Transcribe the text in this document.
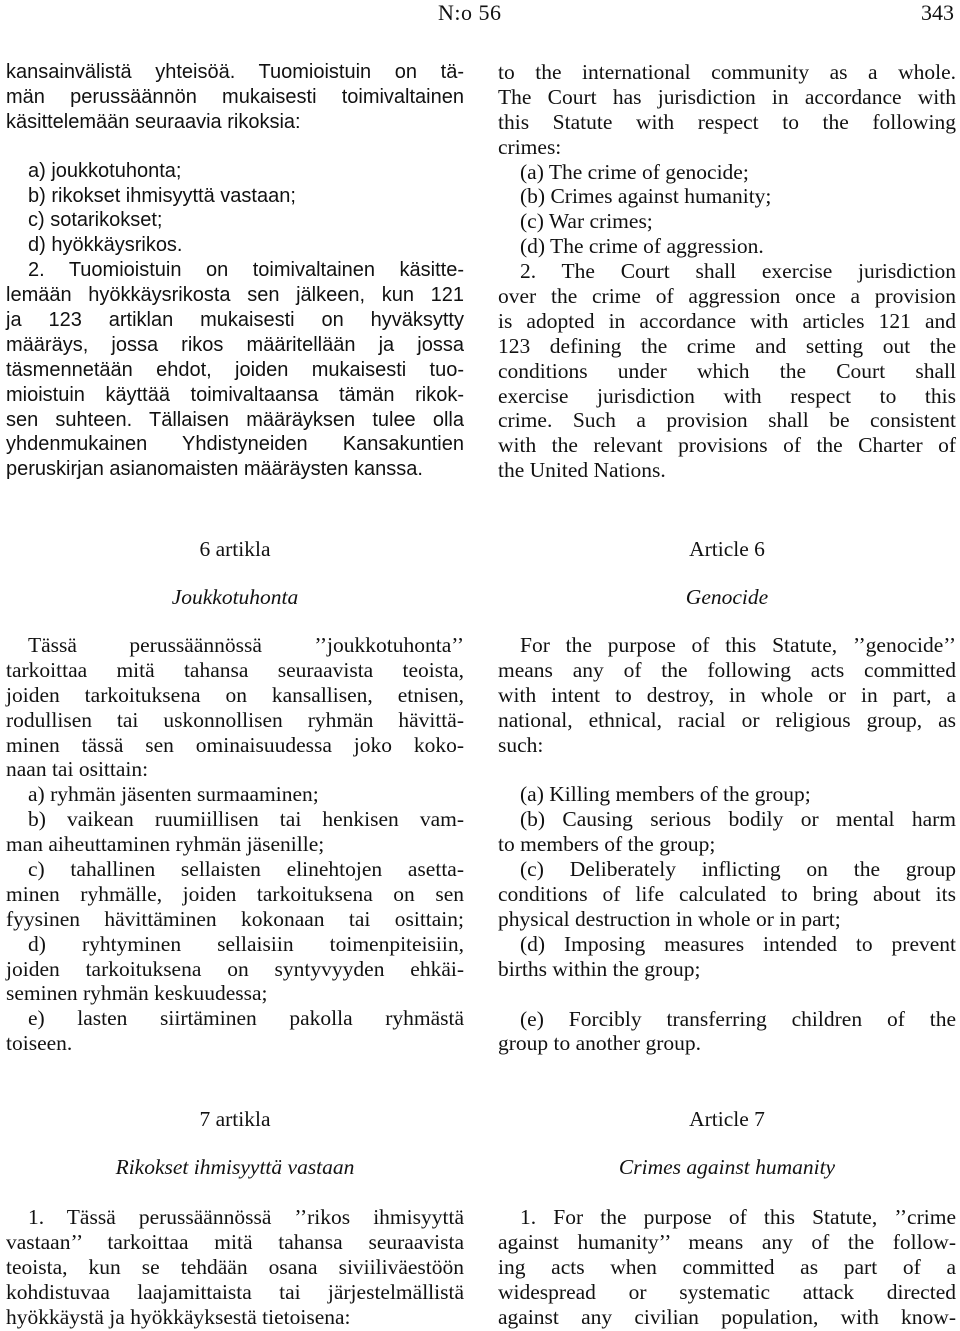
N:o 56	343
kansainvälistä yhteisöä. Tuomioistuin on tä-
män perussäännön mukaisesti toimivaltainen
käsittelemään seuraavia rikoksia:
a) joukkotuhonta;
b) rikokset ihmisyyttä vastaan;
c) sotarikokset;
d) hyökkäysrikos.
2. Tuomioistuin on toimivaltainen käsitte-
lemään hyökkäysrikosta sen jälkeen, kun 121
ja 123 artiklan mukaisesti on hyväksytty
määräys, jossa rikos määritellään ja jossa
täsmennetään ehdot, joiden mukaisesti tuo-
mioistuin käyttää toimivaltaansa tämän rikok-
sen suhteen. Tällaisen määräyksen tulee olla
yhdenmukainen Yhdistyneiden Kansakuntien
peruskirjan asianomaisten määräysten kanssa.
to the international community as a whole.
The Court has jurisdiction in accordance with
this Statute with respect to the following
crimes:
(a) The crime of genocide;
(b) Crimes against humanity;
(c) War crimes;
(d) The crime of aggression.
2. The Court shall exercise jurisdiction
over the crime of aggression once a provision
is adopted in accordance with articles 121 and
123 defining the crime and setting out the
conditions under which the Court shall
exercise jurisdiction with respect to this
crime. Such a provision shall be consistent
with the relevant provisions of the Charter of
the United Nations.
6 artikla
Joukkotuhonta
Article 6
Genocide
Tässä perussäännössä ’’joukkotuhonta’’
tarkoittaa mitä tahansa seuraavista teoista,
joiden tarkoituksena on kansallisen, etnisen,
rodullisen tai uskonnollisen ryhmän hävittä-
minen tässä sen ominaisuudessa joko koko-
naan tai osittain:
a) ryhmän jäsenten surmaaminen;
b) vaikean ruumiillisen tai henkisen vam-
man aiheuttaminen ryhmän jäsenille;
c) tahallinen sellaisten elinehtojen asetta-
minen ryhmälle, joiden tarkoituksena on sen
fyysinen hävittäminen kokonaan tai osittain;
d) ryhtyminen sellaisiin toimenpiteisiin,
joiden tarkoituksena on syntyvyyden ehkäi-
seminen ryhmän keskuudessa;
e) lasten siirtäminen pakolla ryhmästä
toiseen.
For the purpose of this Statute, ’’genocide’’
means any of the following acts committed
with intent to destroy, in whole or in part, a
national, ethnical, racial or religious group, as
such:
(a) Killing members of the group;
(b) Causing serious bodily or mental harm
to members of the group;
(c) Deliberately inflicting on the group
conditions of life calculated to bring about its
physical destruction in whole or in part;
(d) Imposing measures intended to prevent
births within the group;
(e) Forcibly transferring children of the
group to another group.
7 artikla
Rikokset ihmisyyttä vastaan
Article 7
Crimes against humanity
1. Tässä perussäännössä ’’rikos ihmisyyttä
vastaan’’ tarkoittaa mitä tahansa seuraavista
teoista, kun se tehdään osana siviiliväestöön
kohdistuvaa laajamittaista tai järjestelmällistä
hyökkäystä ja hyökkäyksestä tietoisena:
1. For the purpose of this Statute, ’’crime
against humanity’’ means any of the follow-
ing acts when committed as part of a
widespread or systematic attack directed
against any civilian population, with know-
